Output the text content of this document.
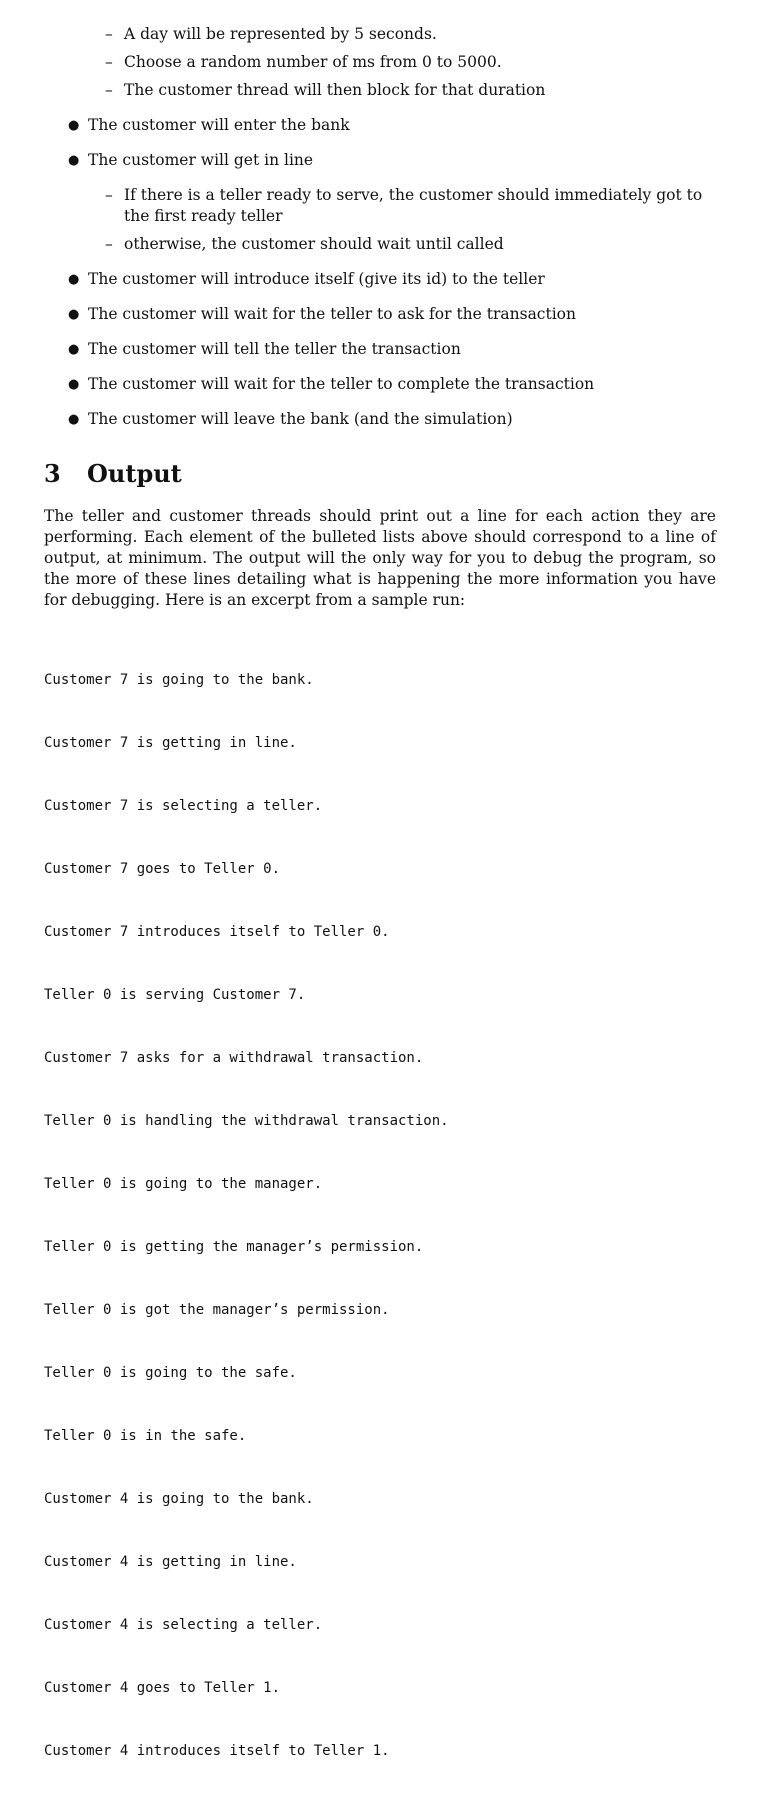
– A day will be represented by 5 seconds.
– Choose a random number of ms from 0 to 5000.
– The customer thread will then block for that duration
● The customer will enter the bank
● The customer will get in line
– If there is a teller ready to serve, the customer should immediately got to the first ready teller
– otherwise, the customer should wait until called
● The customer will introduce itself (give its id) to the teller
● The customer will wait for the teller to ask for the transaction
● The customer will tell the teller the transaction
● The customer will wait for the teller to complete the transaction
● The customer will leave the bank (and the simulation)
3 Output
The teller and customer threads should print out a line for each action they are performing. Each element of the bulleted lists above should correspond to a line of output, at minimum. The output will the only way for you to debug the program, so the more of these lines detailing what is happening the more information you have for debugging. Here is an excerpt from a sample run:

Customer 7 is going to the bank.

Customer 7 is getting in line.

Customer 7 is selecting a teller.

Customer 7 goes to Teller 0.

Customer 7 introduces itself to Teller 0.

Teller 0 is serving Customer 7.

Customer 7 asks for a withdrawal transaction.

Teller 0 is handling the withdrawal transaction.

Teller 0 is going to the manager.

Teller 0 is getting the manager’s permission.

Teller 0 is got the manager’s permission.

Teller 0 is going to the safe.

Teller 0 is in the safe.

Customer 4 is going to the bank.

Customer 4 is getting in line.

Customer 4 is selecting a teller.

Customer 4 goes to Teller 1.

Customer 4 introduces itself to Teller 1.
